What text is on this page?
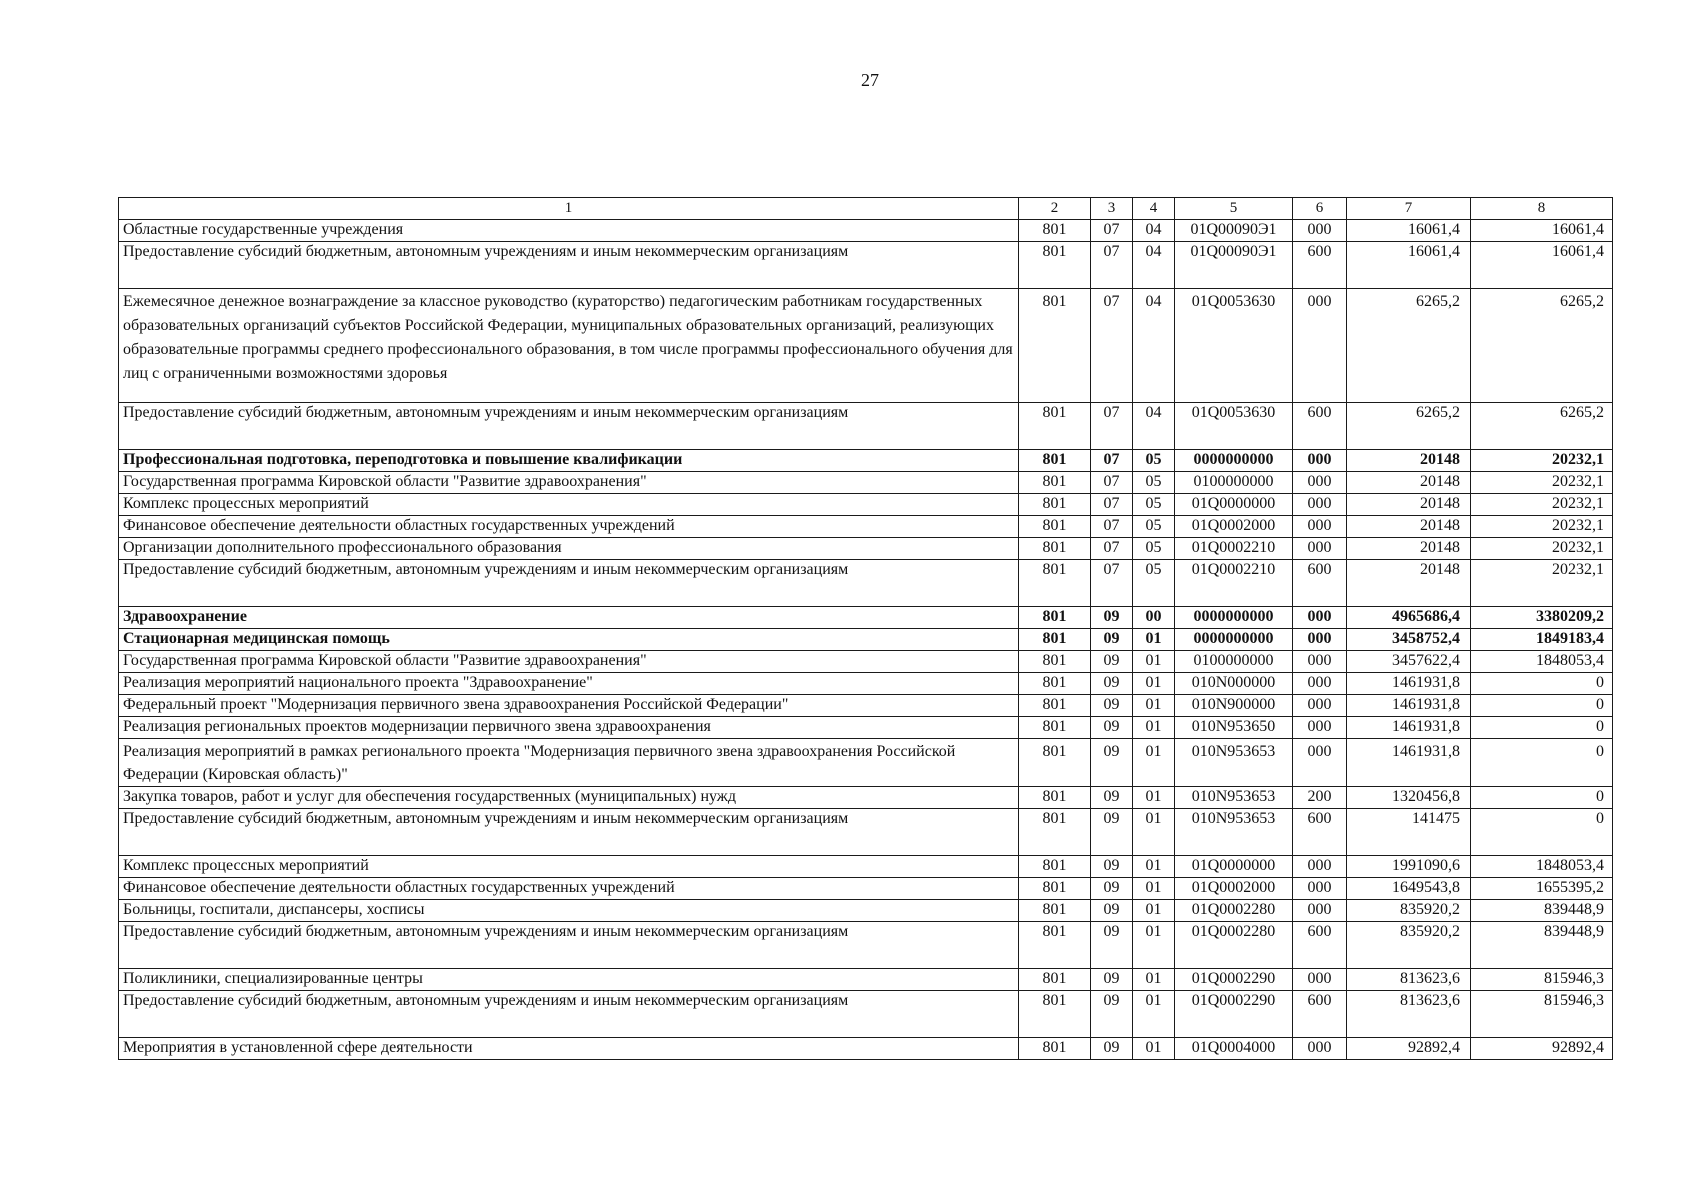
27
1	2	3	4	5	6	7	8
Областные государственные учреждения	801	07	04	01Q00090Э1	000	16061,4	16061,4
Предоставление субсидий бюджетным, автономным учреждениям и иным некоммерческим организациям	801	07	04	01Q00090Э1	600	16061,4	16061,4
Ежемесячное денежное вознаграждение за классное руководство (кураторство) педагогическим работникам государственных образовательных организаций субъектов Российской Федерации, муниципальных образовательных организаций, реализующих образовательные программы среднего профессионального образования, в том числе программы профессионального обучения для лиц с ограниченными возможностями здоровья	801	07	04	01Q0053630	000	6265,2	6265,2
Предоставление субсидий бюджетным, автономным учреждениям и иным некоммерческим организациям	801	07	04	01Q0053630	600	6265,2	6265,2
Профессиональная подготовка, переподготовка и повышение квалификации	801	07	05	0000000000	000	20148	20232,1
Государственная программа Кировской области "Развитие здравоохранения"	801	07	05	0100000000	000	20148	20232,1
Комплекс процессных мероприятий	801	07	05	01Q0000000	000	20148	20232,1
Финансовое обеспечение деятельности областных государственных учреждений	801	07	05	01Q0002000	000	20148	20232,1
Организации дополнительного профессионального образования	801	07	05	01Q0002210	000	20148	20232,1
Предоставление субсидий бюджетным, автономным учреждениям и иным некоммерческим организациям	801	07	05	01Q0002210	600	20148	20232,1
Здравоохранение	801	09	00	0000000000	000	4965686,4	3380209,2
Стационарная медицинская помощь	801	09	01	0000000000	000	3458752,4	1849183,4
Государственная программа Кировской области "Развитие здравоохранения"	801	09	01	0100000000	000	3457622,4	1848053,4
Реализация мероприятий национального проекта "Здравоохранение"	801	09	01	010N000000	000	1461931,8	0
Федеральный проект "Модернизация первичного звена здравоохранения Российской Федерации"	801	09	01	010N900000	000	1461931,8	0
Реализация региональных проектов модернизации первичного звена здравоохранения	801	09	01	010N953650	000	1461931,8	0
Реализация мероприятий в рамках регионального проекта "Модернизация первичного звена здравоохранения Российской Федерации (Кировская область)"	801	09	01	010N953653	000	1461931,8	0
Закупка товаров, работ и услуг для обеспечения государственных (муниципальных) нужд	801	09	01	010N953653	200	1320456,8	0
Предоставление субсидий бюджетным, автономным учреждениям и иным некоммерческим организациям	801	09	01	010N953653	600	141475	0
Комплекс процессных мероприятий	801	09	01	01Q0000000	000	1991090,6	1848053,4
Финансовое обеспечение деятельности областных государственных учреждений	801	09	01	01Q0002000	000	1649543,8	1655395,2
Больницы, госпитали, диспансеры, хосписы	801	09	01	01Q0002280	000	835920,2	839448,9
Предоставление субсидий бюджетным, автономным учреждениям и иным некоммерческим организациям	801	09	01	01Q0002280	600	835920,2	839448,9
Поликлиники, специализированные центры	801	09	01	01Q0002290	000	813623,6	815946,3
Предоставление субсидий бюджетным, автономным учреждениям и иным некоммерческим организациям	801	09	01	01Q0002290	600	813623,6	815946,3
Мероприятия в установленной сфере деятельности	801	09	01	01Q0004000	000	92892,4	92892,4
